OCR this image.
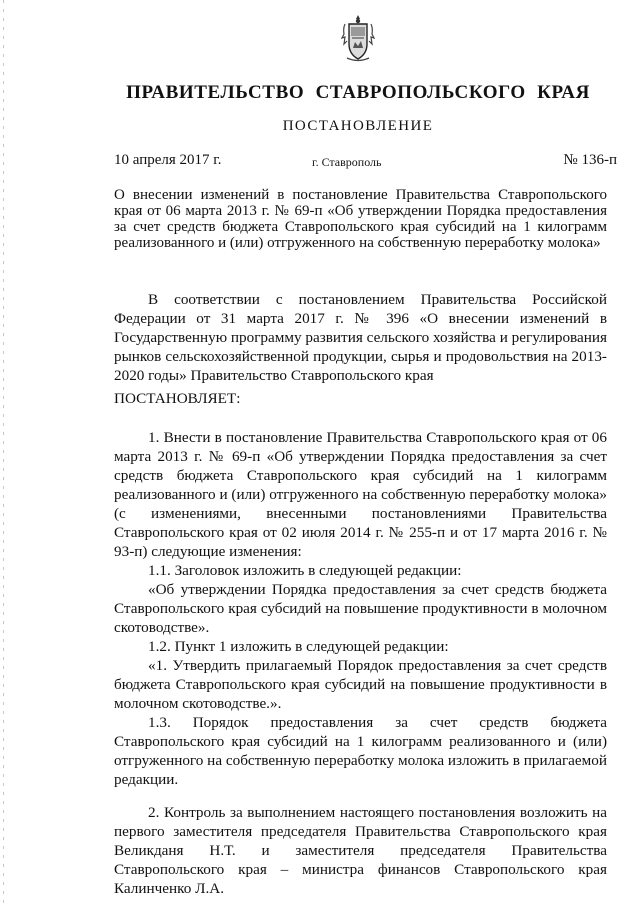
ПРАВИТЕЛЬСТВО СТАВРОПОЛЬСКОГО КРАЯ
ПОСТАНОВЛЕНИЕ
10 апреля 2017 г.	г. Ставрополь	№ 136-п
О внесении изменений в постановление Правительства Ставропольского края от 06 марта 2013 г. № 69-п «Об утверждении Порядка предоставления за счет средств бюджета Ставропольского края субсидий на 1 килограмм реализованного и (или) отгруженного на собственную переработку молока»

В соответствии с постановлением Правительства Российской Федерации от 31 марта 2017 г. № 396 «О внесении изменений в Государственную программу развития сельского хозяйства и регулирования рынков сельскохозяйственной продукции, сырья и продовольствия на 2013-2020 годы» Правительство Ставропольского края

ПОСТАНОВЛЯЕТ:

1. Внести в постановление Правительства Ставропольского края от 06 марта 2013 г. № 69-п «Об утверждении Порядка предоставления за счет средств бюджета Ставропольского края субсидий на 1 килограмм реализованного и (или) отгруженного на собственную переработку молока» (с изменениями, внесенными постановлениями Правительства Ставропольского края от 02 июля 2014 г. № 255-п и от 17 марта 2016 г. № 93-п) следующие изменения:

1.1. Заголовок изложить в следующей редакции:

«Об утверждении Порядка предоставления за счет средств бюджета Ставропольского края субсидий на повышение продуктивности в молочном скотоводстве».

1.2. Пункт 1 изложить в следующей редакции:

«1. Утвердить прилагаемый Порядок предоставления за счет средств бюджета Ставропольского края субсидий на повышение продуктивности в молочном скотоводстве.».

1.3. Порядок предоставления за счет средств бюджета Ставропольского края субсидий на 1 килограмм реализованного и (или) отгруженного на собственную переработку молока изложить в прилагаемой редакции.

2. Контроль за выполнением настоящего постановления возложить на первого заместителя председателя Правительства Ставропольского края Великданя Н.Т. и заместителя председателя Правительства Ставропольского края – министра финансов Ставропольского края Калинченко Л.А.
